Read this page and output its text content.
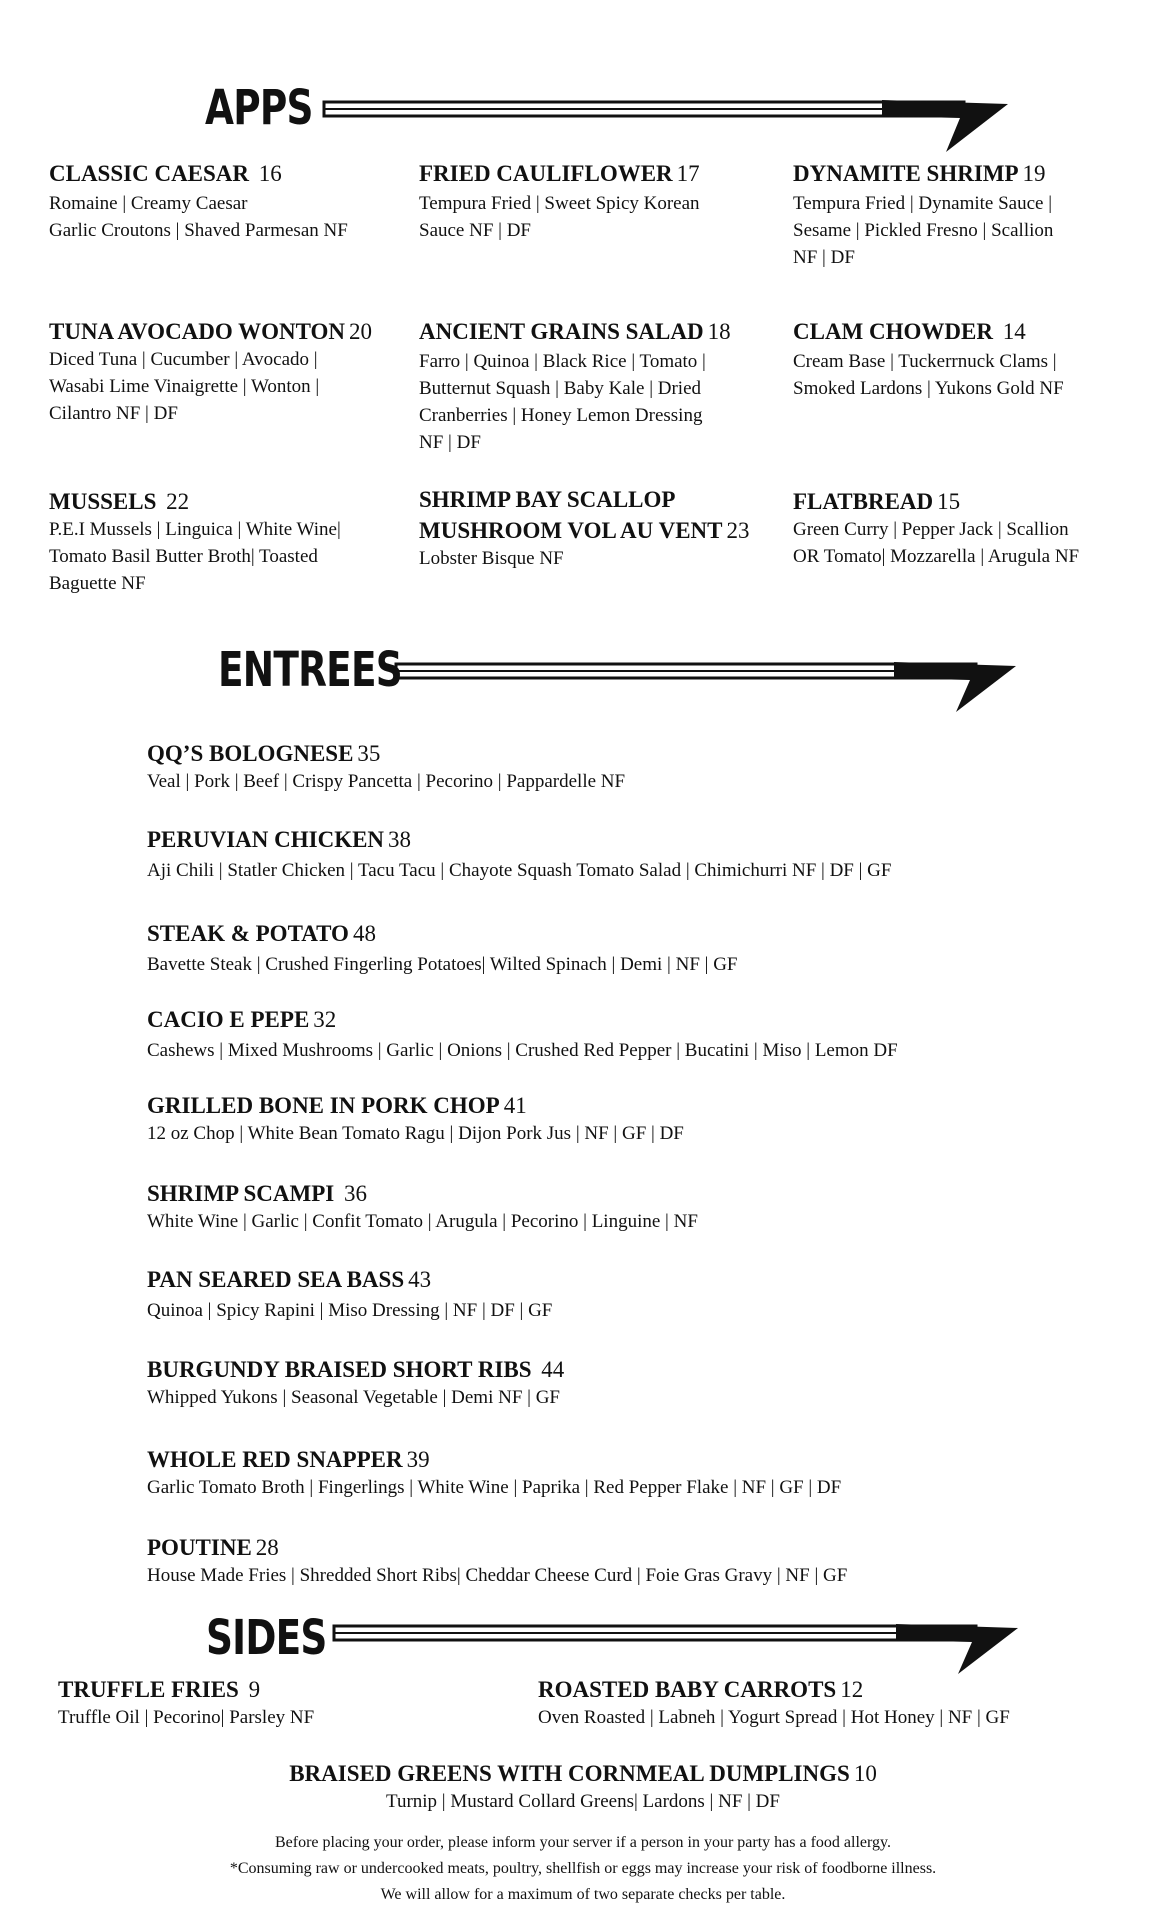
APPS
CLASSIC CAESAR 16
Romaine | Creamy Caesar
Garlic Croutons | Shaved Parmesan NF
FRIED CAULIFLOWER 17
Tempura Fried | Sweet Spicy Korean
Sauce NF | DF
DYNAMITE SHRIMP 19
Tempura Fried | Dynamite Sauce |
Sesame | Pickled Fresno | Scallion
NF | DF
TUNA AVOCADO WONTON 20
Diced Tuna | Cucumber | Avocado |
Wasabi Lime Vinaigrette | Wonton |
Cilantro NF | DF
ANCIENT GRAINS SALAD 18
Farro | Quinoa | Black Rice | Tomato |
Butternut Squash | Baby Kale | Dried
Cranberries | Honey Lemon Dressing
NF | DF
CLAM CHOWDER 14
Cream Base | Tuckerrnuck Clams |
Smoked Lardons | Yukons Gold NF
MUSSELS 22
P.E.I Mussels | Linguica | White Wine|
Tomato Basil Butter Broth| Toasted
Baguette NF
SHRIMP BAY SCALLOP
MUSHROOM VOL AU VENT 23
Lobster Bisque NF
FLATBREAD 15
Green Curry | Pepper Jack | Scallion
OR Tomato| Mozzarella | Arugula NF
ENTREES
QQ’S BOLOGNESE 35
Veal | Pork | Beef | Crispy Pancetta | Pecorino | Pappardelle NF
PERUVIAN CHICKEN 38
Aji Chili | Statler Chicken | Tacu Tacu | Chayote Squash Tomato Salad | Chimichurri NF | DF | GF
STEAK & POTATO 48
Bavette Steak | Crushed Fingerling Potatoes| Wilted Spinach | Demi | NF | GF
CACIO E PEPE 32
Cashews | Mixed Mushrooms | Garlic | Onions | Crushed Red Pepper | Bucatini | Miso | Lemon DF
GRILLED BONE IN PORK CHOP 41
12 oz Chop | White Bean Tomato Ragu | Dijon Pork Jus | NF | GF | DF
SHRIMP SCAMPI 36
White Wine | Garlic | Confit Tomato | Arugula | Pecorino | Linguine | NF
PAN SEARED SEA BASS 43
Quinoa | Spicy Rapini | Miso Dressing | NF | DF | GF
BURGUNDY BRAISED SHORT RIBS 44
Whipped Yukons | Seasonal Vegetable | Demi NF | GF
WHOLE RED SNAPPER 39
Garlic Tomato Broth | Fingerlings | White Wine | Paprika | Red Pepper Flake | NF | GF | DF
POUTINE 28
House Made Fries | Shredded Short Ribs| Cheddar Cheese Curd | Foie Gras Gravy | NF | GF
SIDES
TRUFFLE FRIES 9
Truffle Oil | Pecorino| Parsley NF
ROASTED BABY CARROTS 12
Oven Roasted | Labneh | Yogurt Spread | Hot Honey | NF | GF
BRAISED GREENS WITH CORNMEAL DUMPLINGS 10
Turnip | Mustard Collard Greens| Lardons | NF | DF
Before placing your order, please inform your server if a person in your party has a food allergy.
*Consuming raw or undercooked meats, poultry, shellfish or eggs may increase your risk of foodborne illness.
We will allow for a maximum of two separate checks per table.
